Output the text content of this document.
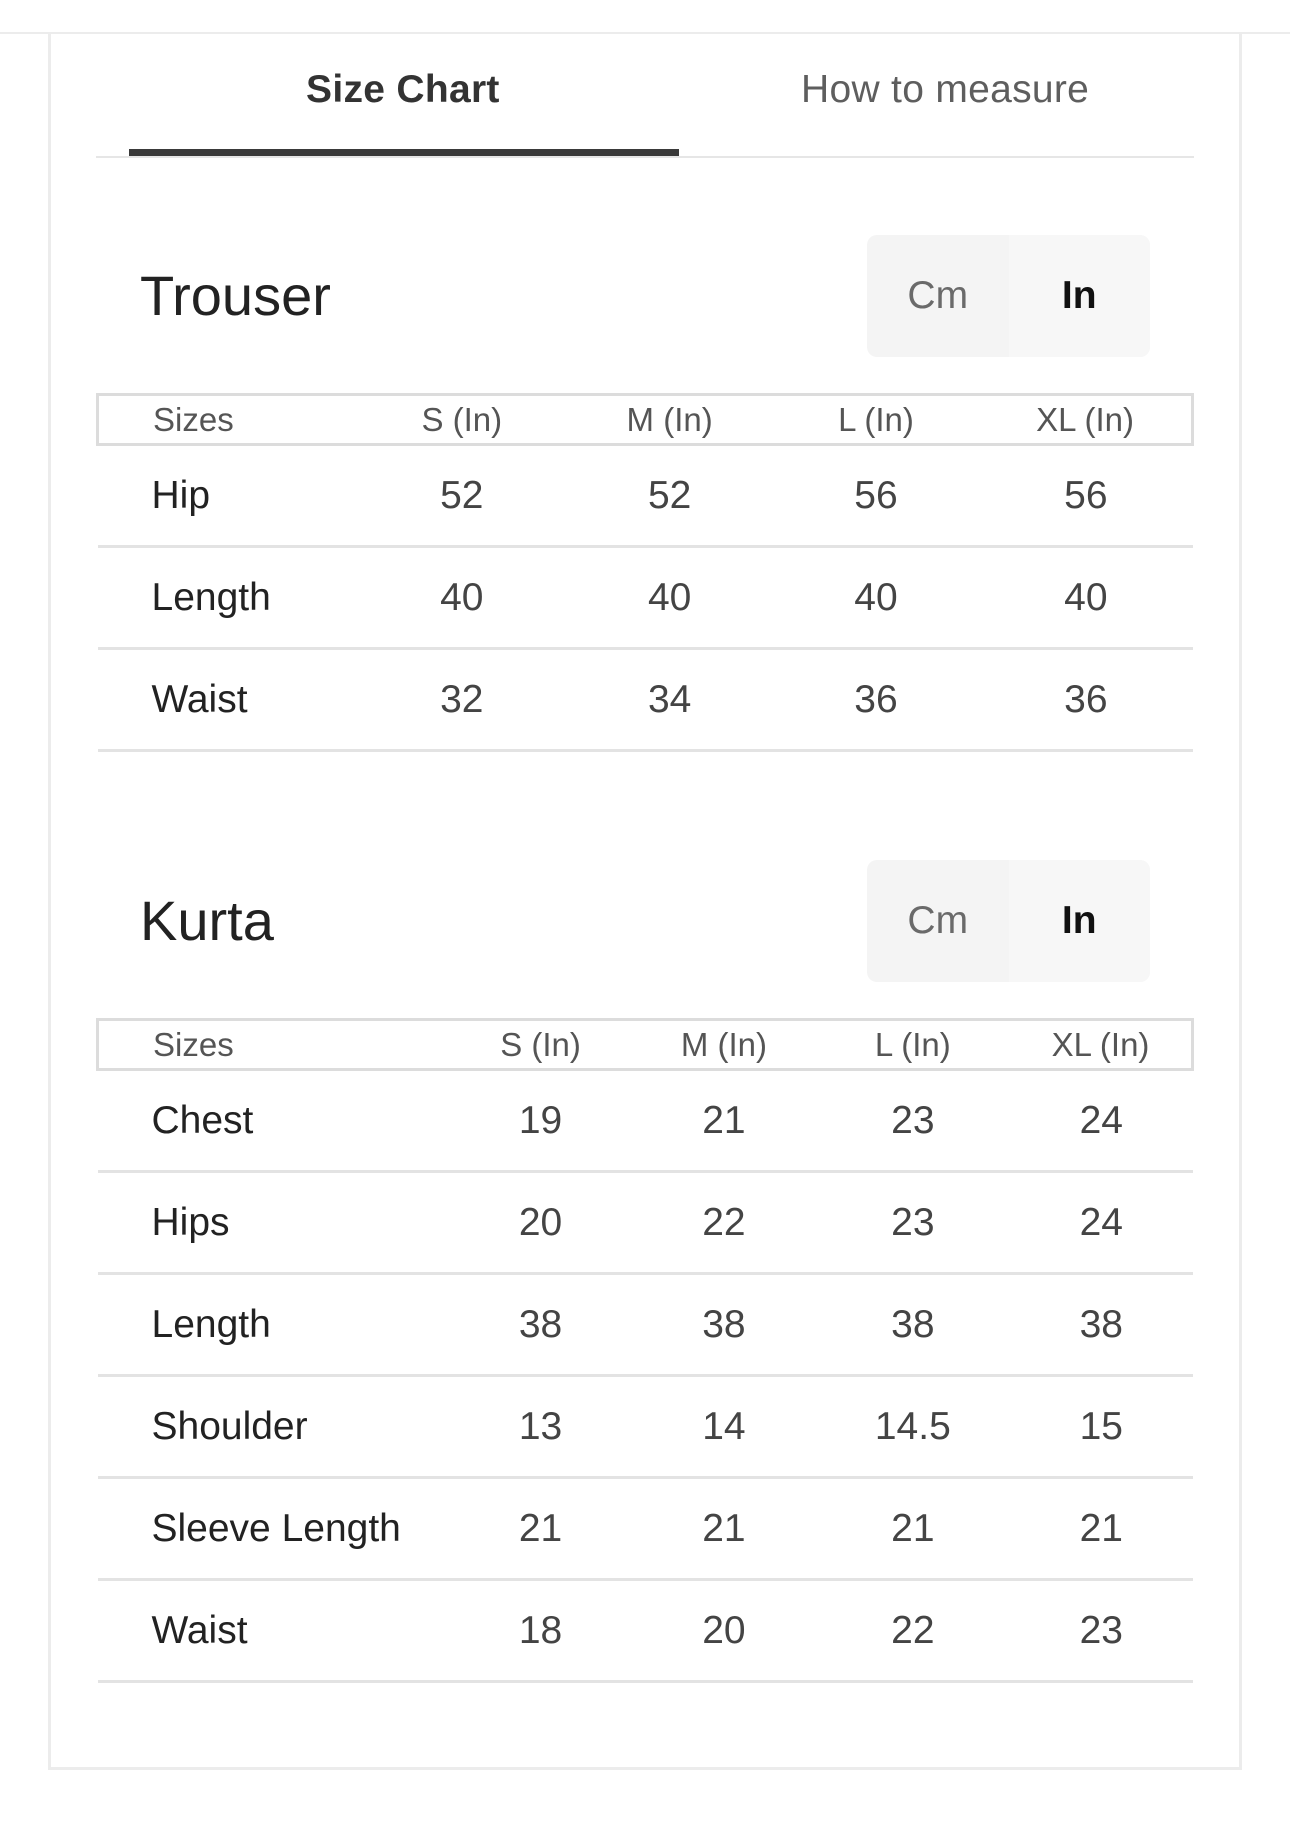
Size Chart	How to measure
Trouser	Cm	In
Sizes	S (In)	M (In)	L (In)	XL (In)
Hip	52	52	56	56
Length	40	40	40	40
Waist	32	34	36	36
Kurta	Cm	In
Sizes	S (In)	M (In)	L (In)	XL (In)
Chest	19	21	23	24
Hips	20	22	23	24
Length	38	38	38	38
Shoulder	13	14	14.5	15
Sleeve Length	21	21	21	21
Waist	18	20	22	23
